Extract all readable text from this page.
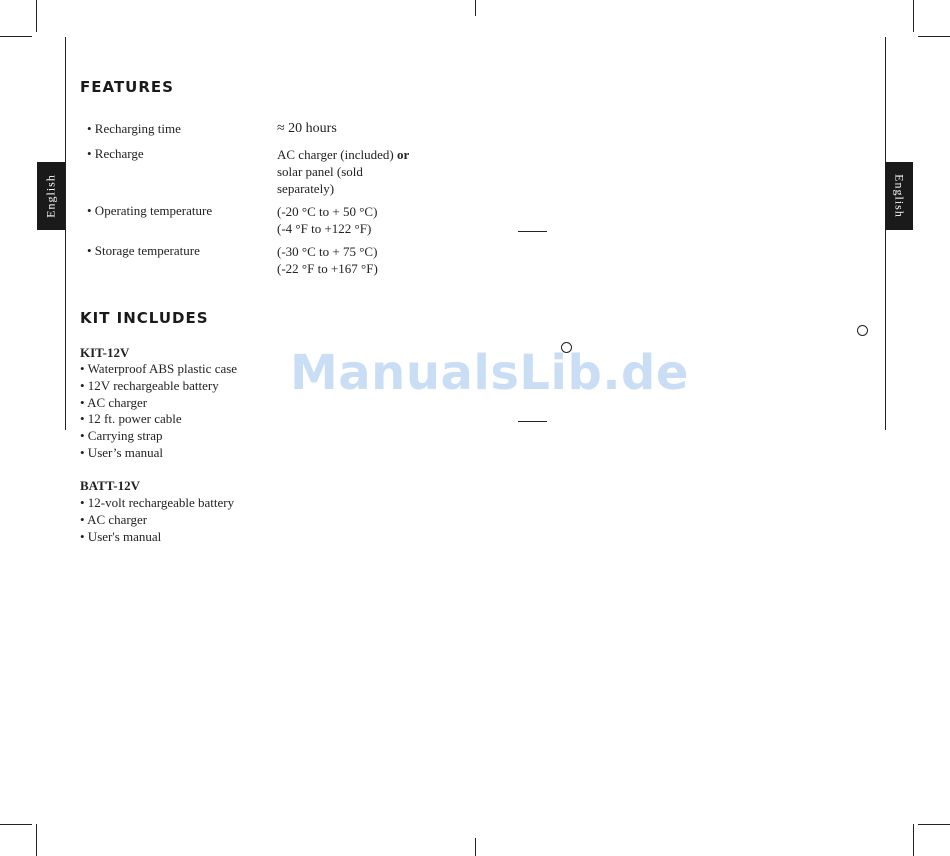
English	English
FEATURES
• Recharging time	≈ 20 hours
• Recharge	AC charger (included) or
solar panel (sold
separately)
• Operating temperature	(-20 °C to + 50 °C)
(-4 °F to +122 °F)
• Storage temperature	(-30 °C to + 75 °C)
(-22 °F to +167 °F)
KIT INCLUDES
KIT-12V
• Waterproof ABS plastic case
• 12V rechargeable battery
• AC charger
• 12 ft. power cable
• Carrying strap
• User’s manual
BATT-12V
• 12-volt rechargeable battery
• AC charger
• User's manual
ManualsLib.de
